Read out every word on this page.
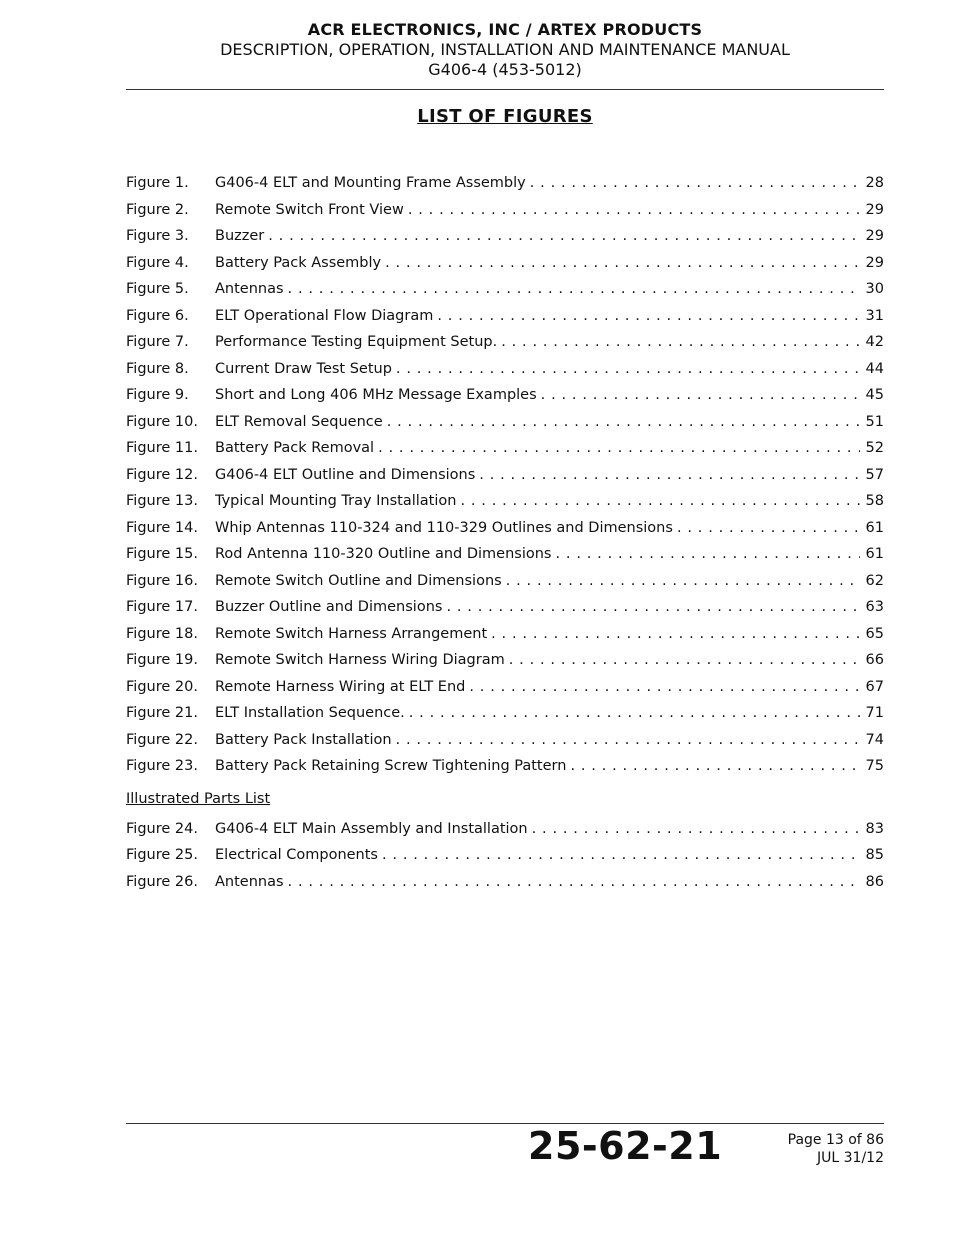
ACR ELECTRONICS, INC / ARTEX PRODUCTS
DESCRIPTION, OPERATION, INSTALLATION AND MAINTENANCE MANUAL
G406-4 (453-5012)
LIST OF FIGURES
Figure 1.	G406-4 ELT and Mounting Frame Assembly . . .	28
Figure 2.	Remote Switch Front View . . .	29
Figure 3.	Buzzer . . .	29
Figure 4.	Battery Pack Assembly . . .	29
Figure 5.	Antennas . . .	30
Figure 6.	ELT Operational Flow Diagram . . .	31
Figure 7.	Performance Testing Equipment Setup. . . .	42
Figure 8.	Current Draw Test Setup . . .	44
Figure 9.	Short and Long 406 MHz Message Examples . . .	45
Figure 10.	ELT Removal Sequence . . .	51
Figure 11.	Battery Pack Removal . . .	52
Figure 12.	G406-4 ELT Outline and Dimensions . . .	57
Figure 13.	Typical Mounting Tray Installation . . .	58
Figure 14.	Whip Antennas 110-324 and 110-329 Outlines and Dimensions . . .	61
Figure 15.	Rod Antenna 110-320 Outline and Dimensions . . .	61
Figure 16.	Remote Switch Outline and Dimensions . . .	62
Figure 17.	Buzzer Outline and Dimensions . . .	63
Figure 18.	Remote Switch Harness Arrangement . . .	65
Figure 19.	Remote Switch Harness Wiring Diagram . . .	66
Figure 20.	Remote Harness Wiring at ELT End . . .	67
Figure 21.	ELT Installation Sequence. . . .	71
Figure 22.	Battery Pack Installation . . .	74
Figure 23.	Battery Pack Retaining Screw Tightening Pattern . . .	75
Illustrated Parts List
Figure 24.	G406-4 ELT Main Assembly and Installation . . .	83
Figure 25.	Electrical Components . . .	85
Figure 26.	Antennas . . .	86
25-62-21	Page 13 of 86
JUL 31/12
